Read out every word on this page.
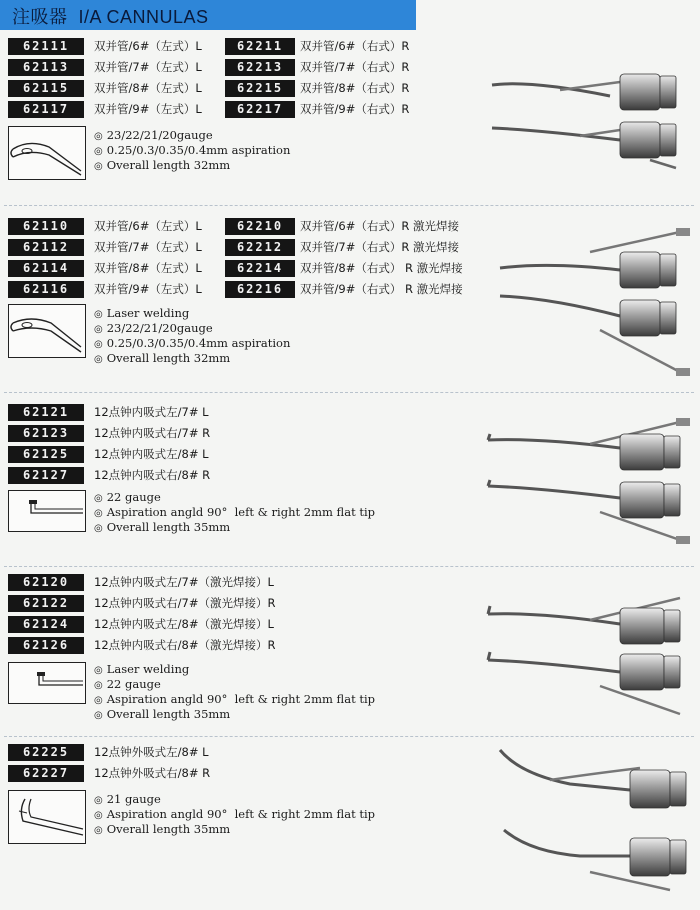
注吸器  I/A CANNULAS
62111	双并管/6#（左式）L	62211	双并管/6#（右式）R
62113	双并管/7#（左式）L	62213	双并管/7#（右式）R
62115	双并管/8#（左式）L	62215	双并管/8#（右式）R
62117	双并管/9#（左式）L	62217	双并管/9#（右式）R
◎ 23/22/21/20gauge
◎ 0.25/0.3/0.35/0.4mm aspiration
◎ Overall length 32mm
62110	双并管/6#（左式）L	62210	双并管/6#（右式）R 激光焊接
62112	双并管/7#（左式）L	62212	双并管/7#（右式）R 激光焊接
62114	双并管/8#（左式）L	62214	双并管/8#（右式） R 激光焊接
62116	双并管/9#（左式）L	62216	双并管/9#（右式） R 激光焊接
◎ Laser welding
◎ 23/22/21/20gauge
◎ 0.25/0.3/0.35/0.4mm aspiration
◎ Overall length 32mm
62121	12点钟内吸式左/7# L
62123	12点钟内吸式右/7# R
62125	12点钟内吸式左/8# L
62127	12点钟内吸式右/8# R
◎ 22 gauge
◎ Aspiration angld 90°  left & right 2mm flat tip
◎ Overall length 35mm
62120	12点钟内吸式左/7#（激光焊接）L
62122	12点钟内吸式右/7#（激光焊接）R
62124	12点钟内吸式左/8#（激光焊接）L
62126	12点钟内吸式右/8#（激光焊接）R
◎ Laser welding
◎ 22 gauge
◎ Aspiration angld 90°  left & right 2mm flat tip
◎ Overall length 35mm
62225	12点钟外吸式左/8# L
62227	12点钟外吸式右/8# R
◎ 21 gauge
◎ Aspiration angld 90°  left & right 2mm flat tip
◎ Overall length 35mm
